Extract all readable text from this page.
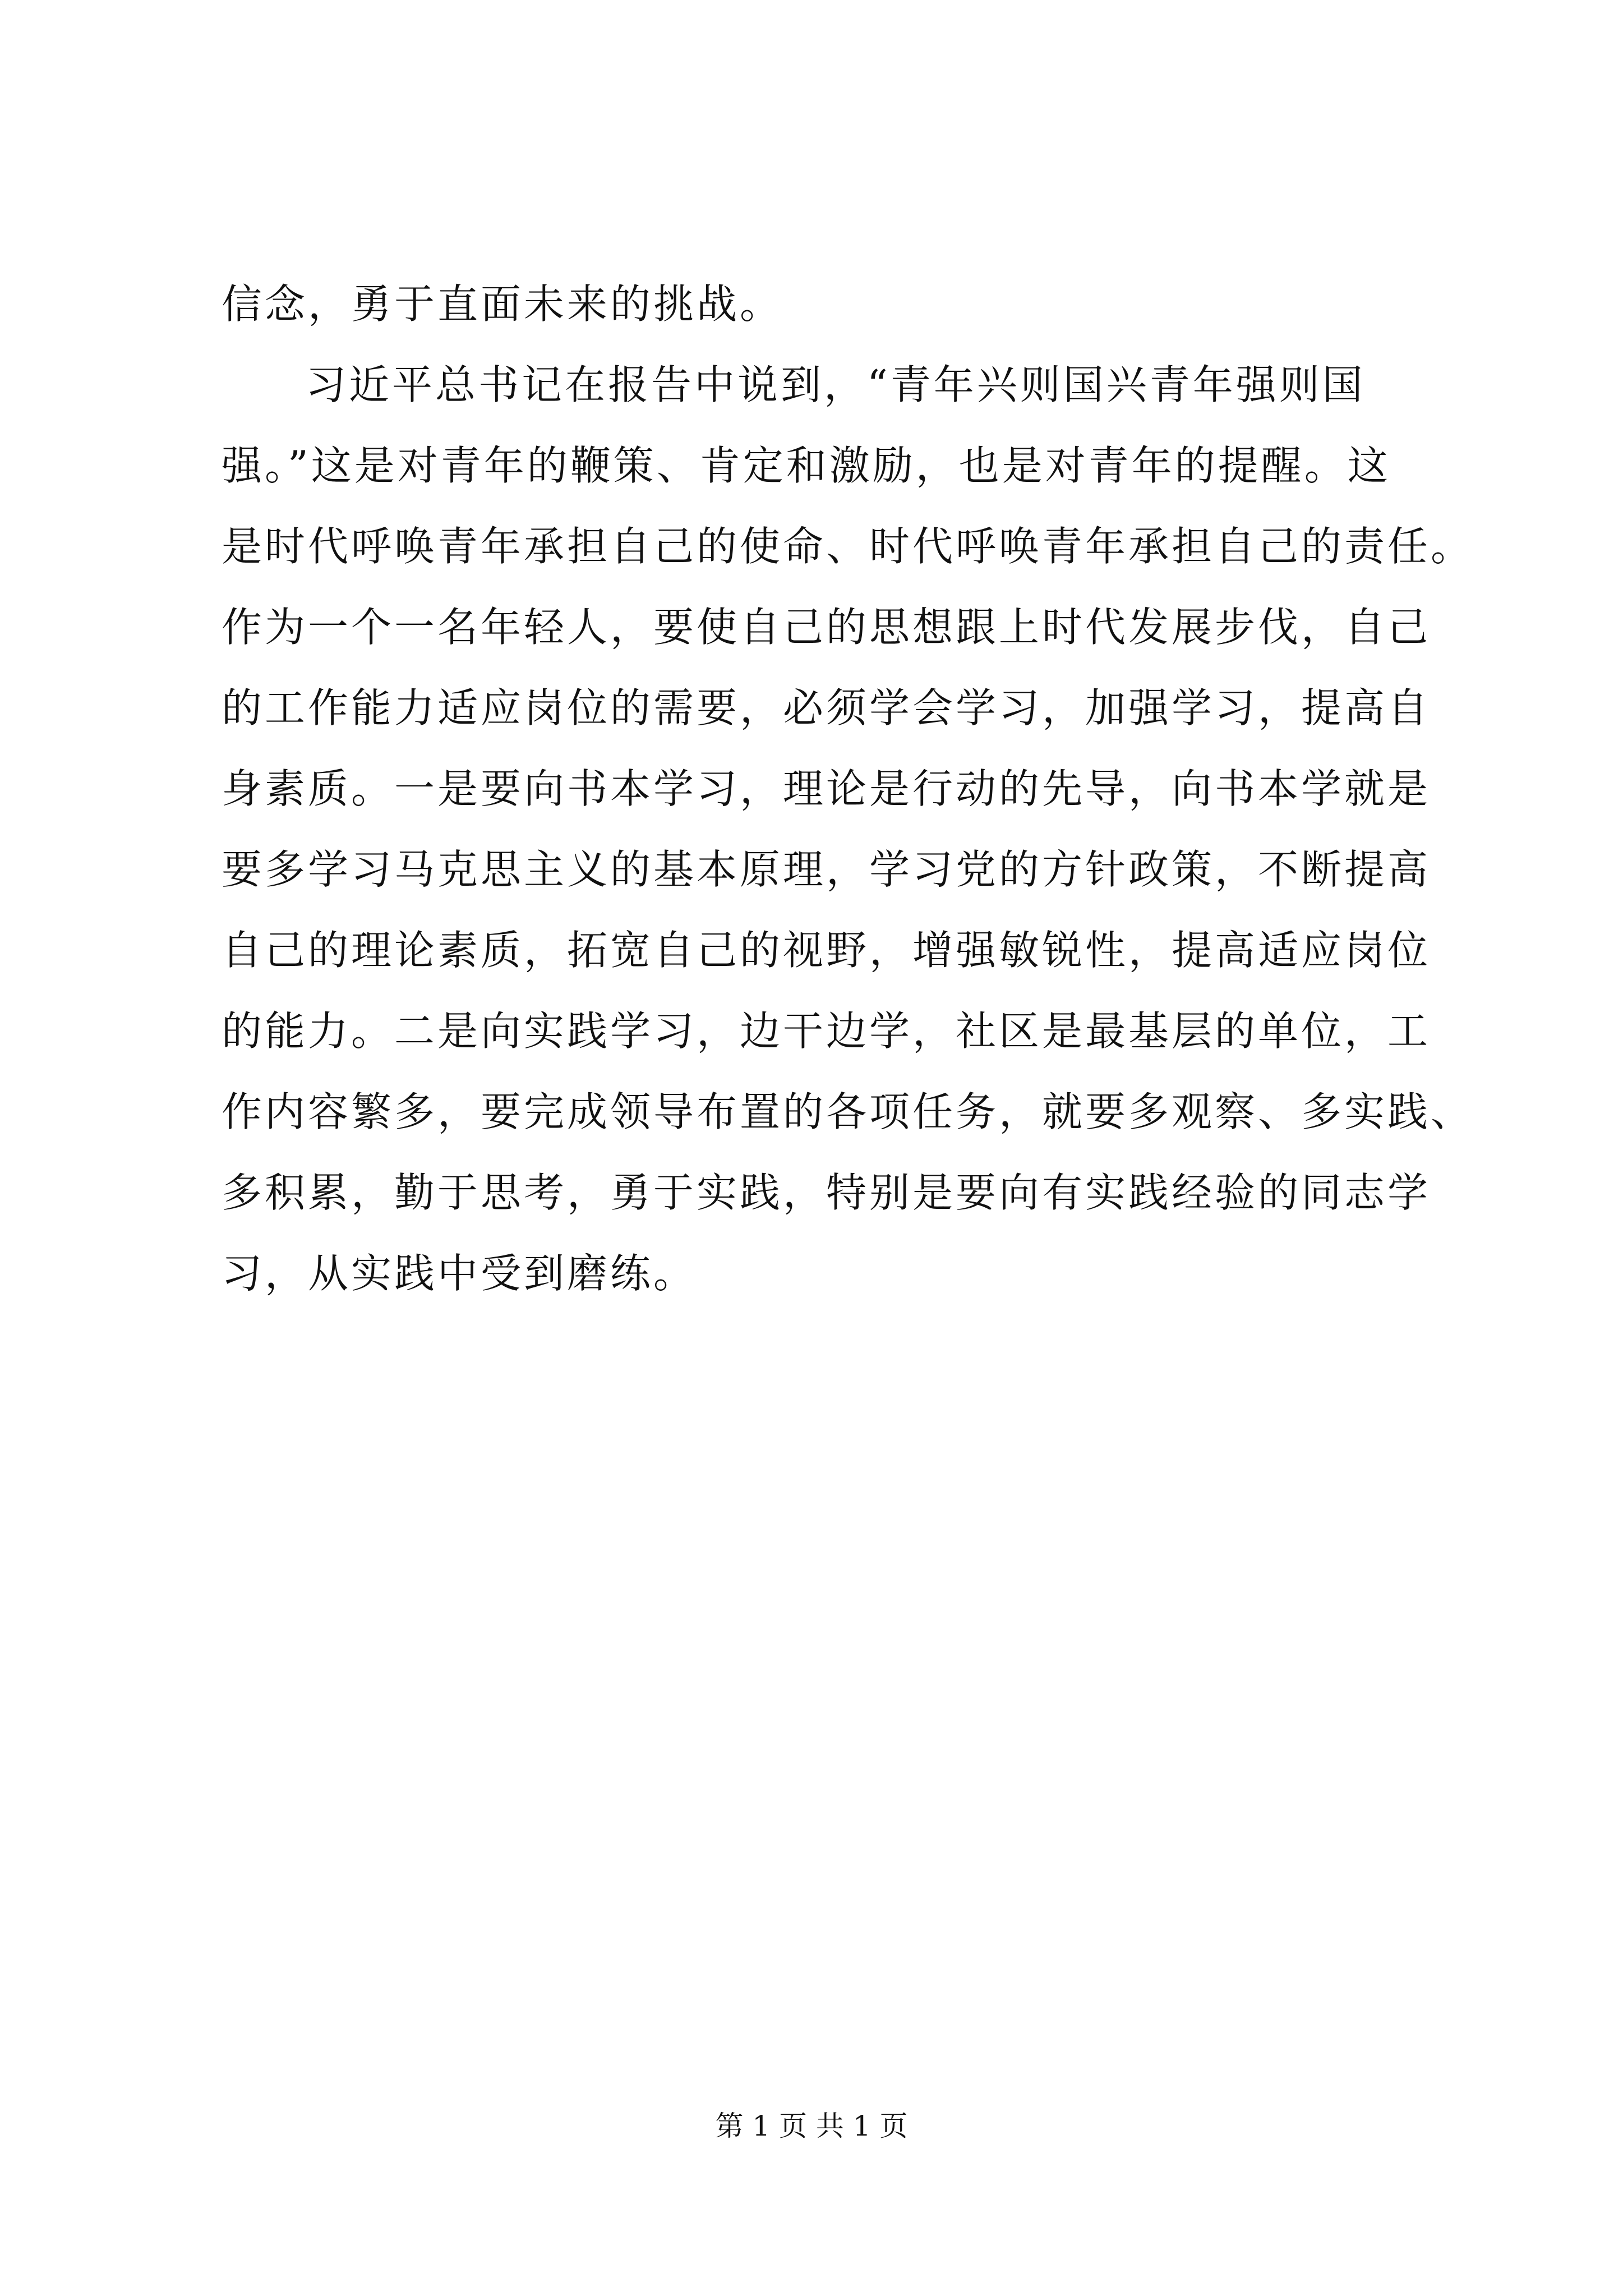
信念，勇于直面未来的挑战。
习近平总书记在报告中说到，“青年兴则国兴青年强则国
强。”这是对青年的鞭策、肯定和激励，也是对青年的提醒。这
是时代呼唤青年承担自己的使命、时代呼唤青年承担自己的责任。
作为一个一名年轻人，要使自己的思想跟上时代发展步伐，自己
的工作能力适应岗位的需要，必须学会学习，加强学习，提高自
身素质。一是要向书本学习，理论是行动的先导，向书本学就是
要多学习马克思主义的基本原理，学习党的方针政策，不断提高
自己的理论素质，拓宽自己的视野，增强敏锐性，提高适应岗位
的能力。二是向实践学习，边干边学，社区是最基层的单位，工
作内容繁多，要完成领导布置的各项任务，就要多观察、多实践、
多积累，勤于思考，勇于实践，特别是要向有实践经验的同志学
习，从实践中受到磨练。
第 1 页 共 1 页
